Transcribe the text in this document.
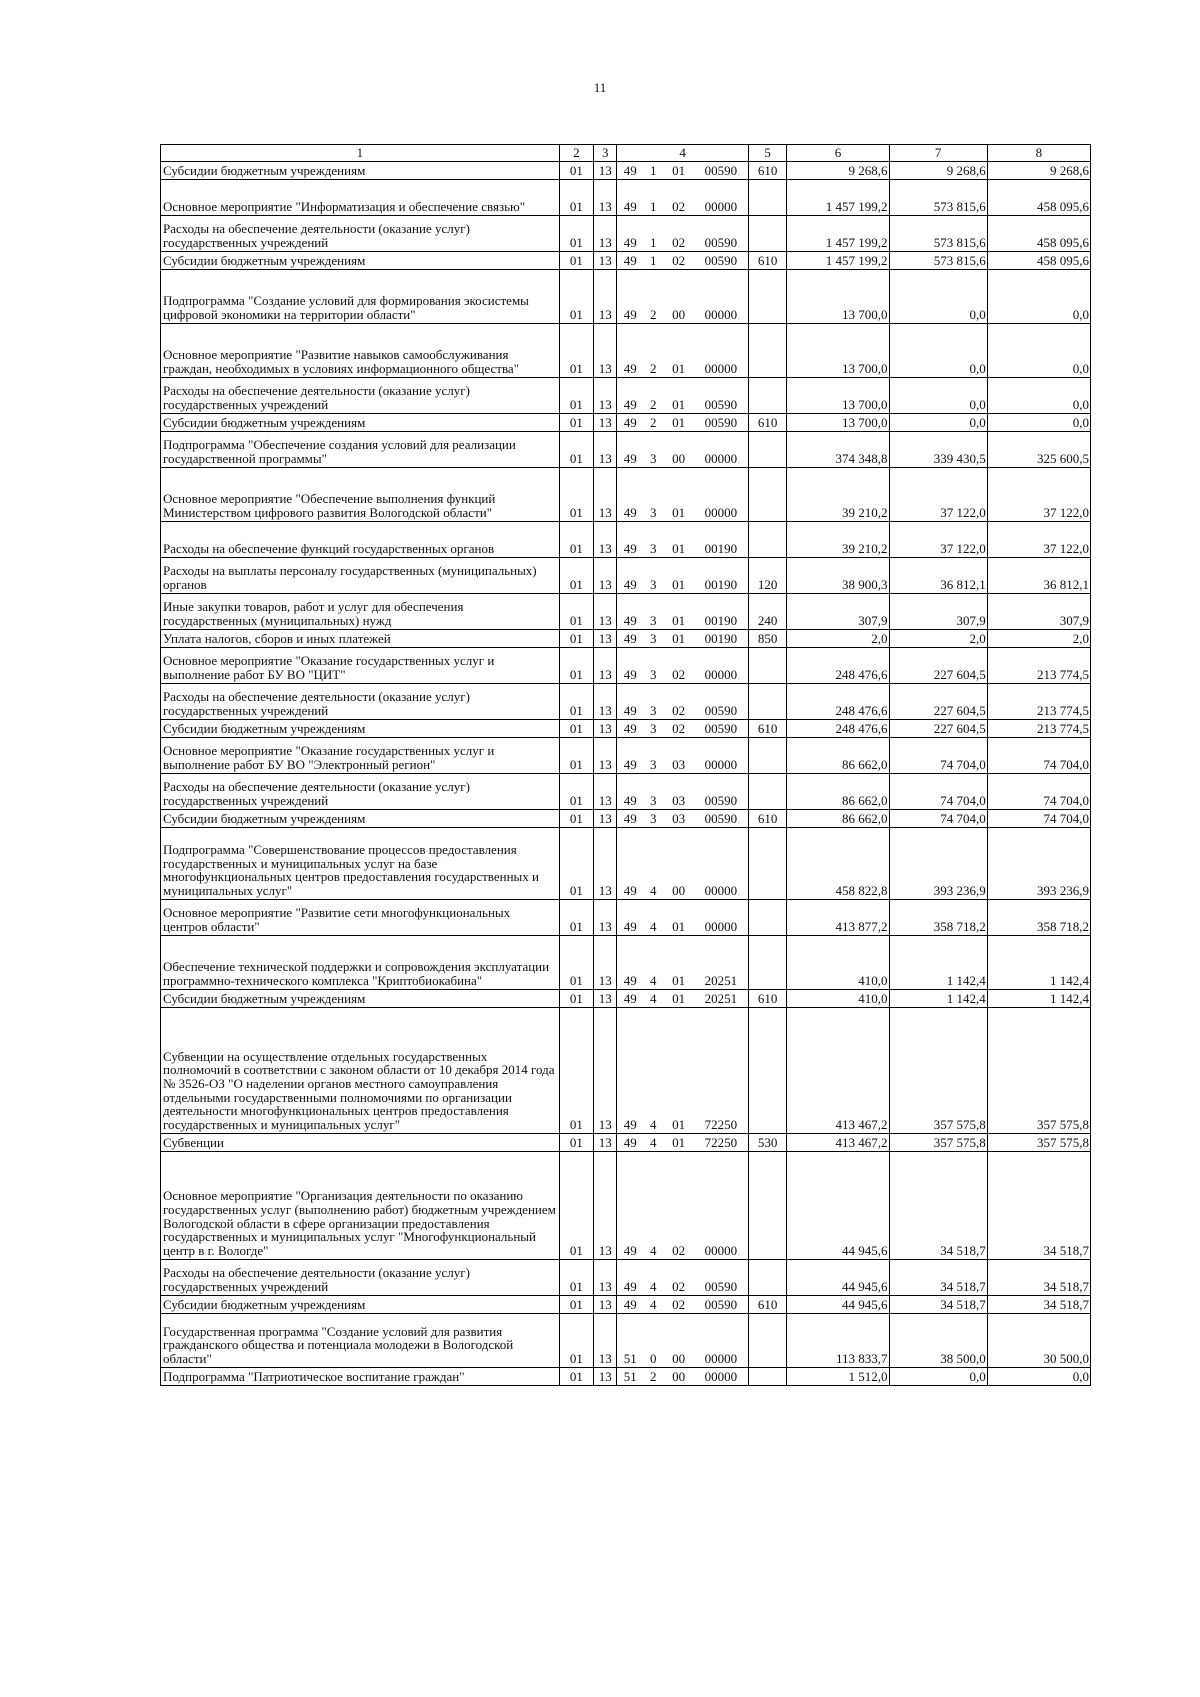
11
1	2	3	4				5	6	7	8
Субсидии бюджетным учреждениям	01	13	49	1	01	00590	610	9 268,6	9 268,6	9 268,6
Основное мероприятие "Информатизация и обеспечение связью"	01	13	49	1	02	00000		1 457 199,2	573 815,6	458 095,6
Расходы на обеспечение деятельности (оказание услуг) государственных учреждений	01	13	49	1	02	00590		1 457 199,2	573 815,6	458 095,6
Субсидии бюджетным учреждениям	01	13	49	1	02	00590	610	1 457 199,2	573 815,6	458 095,6
Подпрограмма "Создание условий для формирования экосистемы цифровой экономики на территории области"	01	13	49	2	00	00000		13 700,0	0,0	0,0
Основное мероприятие "Развитие навыков самообслуживания граждан, необходимых в условиях информационного общества"	01	13	49	2	01	00000		13 700,0	0,0	0,0
Расходы на обеспечение деятельности (оказание услуг) государственных учреждений	01	13	49	2	01	00590		13 700,0	0,0	0,0
Субсидии бюджетным учреждениям	01	13	49	2	01	00590	610	13 700,0	0,0	0,0
Подпрограмма "Обеспечение создания условий для реализации государственной программы"	01	13	49	3	00	00000		374 348,8	339 430,5	325 600,5
Основное мероприятие "Обеспечение выполнения функций Министерством цифрового развития Вологодской области"	01	13	49	3	01	00000		39 210,2	37 122,0	37 122,0
Расходы на обеспечение функций государственных органов	01	13	49	3	01	00190		39 210,2	37 122,0	37 122,0
Расходы на выплаты персоналу государственных (муниципальных) органов	01	13	49	3	01	00190	120	38 900,3	36 812,1	36 812,1
Иные закупки товаров, работ и услуг для обеспечения государственных (муниципальных) нужд	01	13	49	3	01	00190	240	307,9	307,9	307,9
Уплата налогов, сборов и иных платежей	01	13	49	3	01	00190	850	2,0	2,0	2,0
Основное мероприятие "Оказание государственных услуг и выполнение работ БУ ВО "ЦИТ"	01	13	49	3	02	00000		248 476,6	227 604,5	213 774,5
Расходы на обеспечение деятельности (оказание услуг) государственных учреждений	01	13	49	3	02	00590		248 476,6	227 604,5	213 774,5
Субсидии бюджетным учреждениям	01	13	49	3	02	00590	610	248 476,6	227 604,5	213 774,5
Основное мероприятие "Оказание государственных услуг и выполнение работ БУ ВО "Электронный регион"	01	13	49	3	03	00000		86 662,0	74 704,0	74 704,0
Расходы на обеспечение деятельности (оказание услуг) государственных учреждений	01	13	49	3	03	00590		86 662,0	74 704,0	74 704,0
Субсидии бюджетным учреждениям	01	13	49	3	03	00590	610	86 662,0	74 704,0	74 704,0
Подпрограмма "Совершенствование процессов предоставления государственных и муниципальных услуг на базе многофункциональных центров предоставления государственных и муниципальных услуг"	01	13	49	4	00	00000		458 822,8	393 236,9	393 236,9
Основное мероприятие "Развитие сети многофункциональных центров области"	01	13	49	4	01	00000		413 877,2	358 718,2	358 718,2
Обеспечение технической поддержки и сопровождения эксплуатации программно-технического комплекса "Криптобиокабина"	01	13	49	4	01	20251		410,0	1 142,4	1 142,4
Субсидии бюджетным учреждениям	01	13	49	4	01	20251	610	410,0	1 142,4	1 142,4
Субвенции на осуществление отдельных государственных полномочий в соответствии с законом области от 10 декабря 2014 года № 3526-ОЗ "О наделении органов местного самоуправления отдельными государственными полномочиями по организации деятельности многофункциональных центров предоставления государственных и муниципальных услуг"	01	13	49	4	01	72250		413 467,2	357 575,8	357 575,8
Субвенции	01	13	49	4	01	72250	530	413 467,2	357 575,8	357 575,8
Основное мероприятие "Организация деятельности по оказанию государственных услуг (выполнению работ) бюджетным учреждением Вологодской области в сфере организации предоставления государственных и муниципальных услуг "Многофункциональный центр в г. Вологде"	01	13	49	4	02	00000		44 945,6	34 518,7	34 518,7
Расходы на обеспечение деятельности (оказание услуг) государственных учреждений	01	13	49	4	02	00590		44 945,6	34 518,7	34 518,7
Субсидии бюджетным учреждениям	01	13	49	4	02	00590	610	44 945,6	34 518,7	34 518,7
Государственная программа "Создание условий для развития гражданского общества и потенциала молодежи в Вологодской области"	01	13	51	0	00	00000		113 833,7	38 500,0	30 500,0
Подпрограмма "Патриотическое воспитание граждан"	01	13	51	2	00	00000		1 512,0	0,0	0,0
